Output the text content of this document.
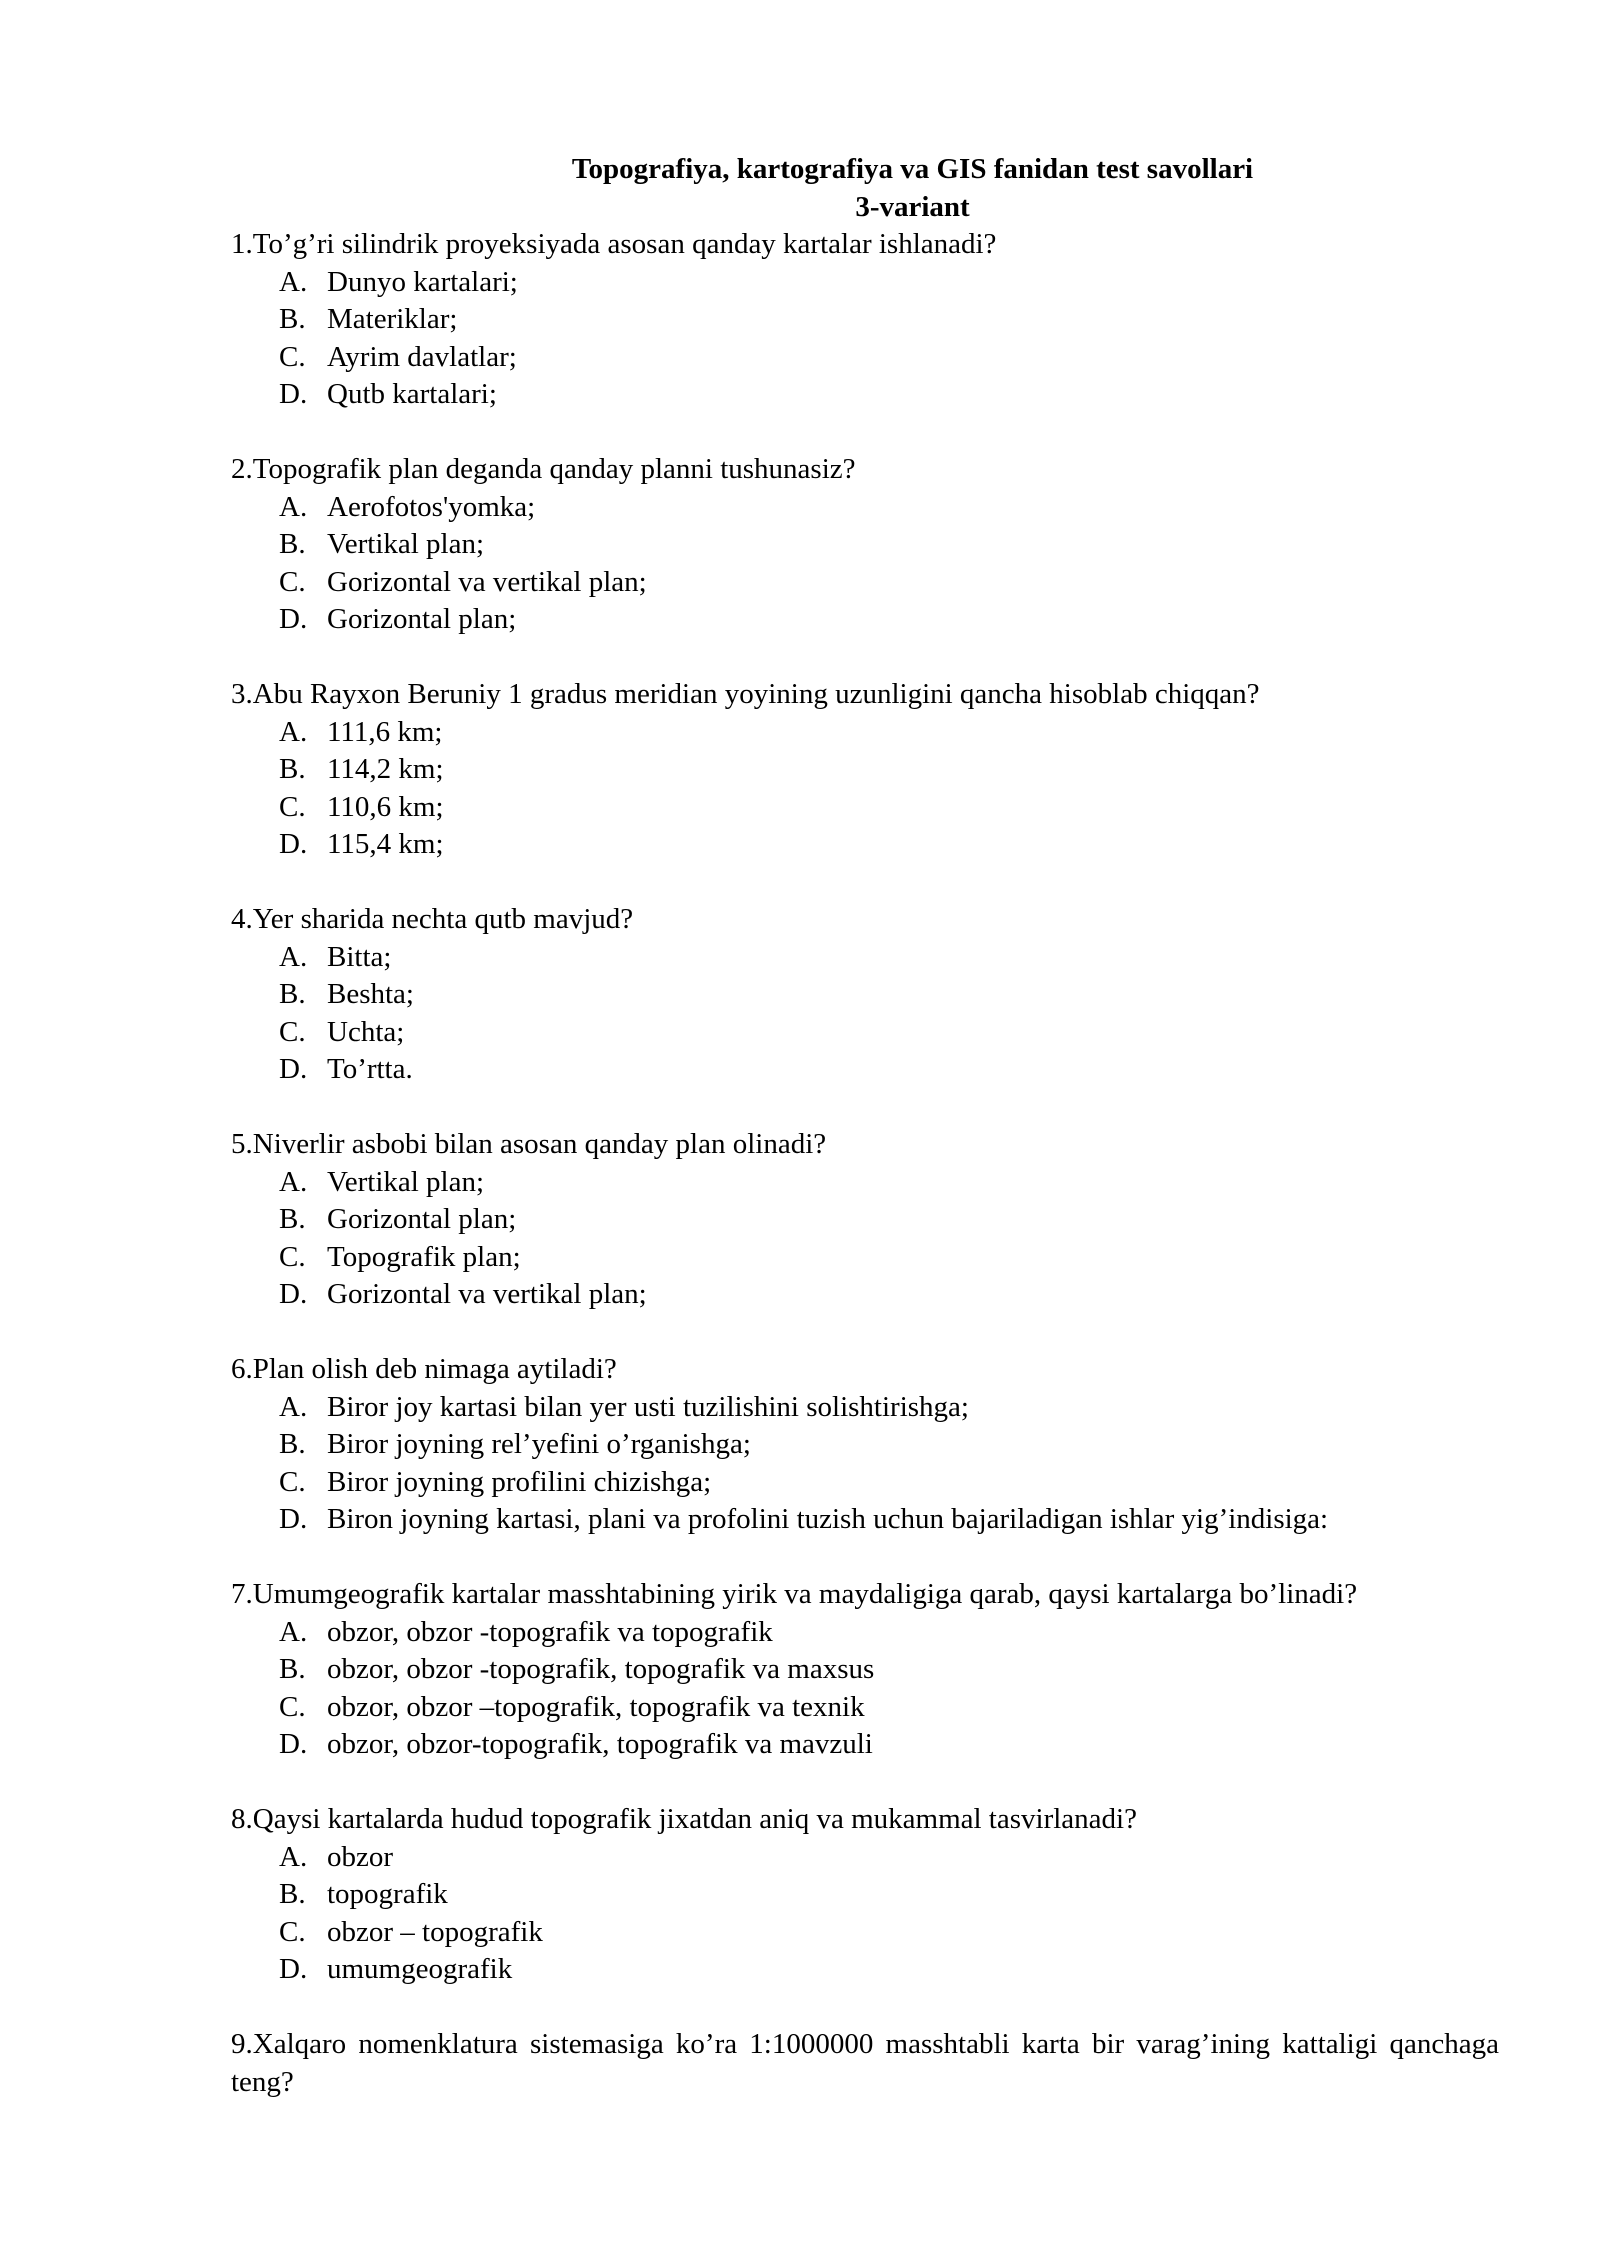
Topografiya, kartografiya va GIS fanidan test savollari
3-variant
1.To’g’ri silindrik proyeksiyada asosan qanday kartalar ishlanadi?
A. Dunyo kartalari;
B. Materiklar;
C. Ayrim davlatlar;
D. Qutb kartalari;
2.Topografik plan deganda qanday planni tushunasiz?
A. Aerofotos'yomka;
B. Vertikal plan;
C. Gorizontal va vertikal plan;
D. Gorizontal plan;
3.Abu Rayxon Beruniy 1 gradus meridian yoyining uzunligini qancha hisoblab chiqqan?
A. 111,6 km;
B. 114,2 km;
C. 110,6 km;
D. 115,4 km;
4.Yer sharida nechta qutb mavjud?
A. Bitta;
B. Beshta;
C. Uchta;
D. To’rtta.
5.Niverlir asbobi bilan asosan qanday plan olinadi?
A. Vertikal plan;
B. Gorizontal plan;
C. Topografik plan;
D. Gorizontal va vertikal plan;
6.Plan olish deb nimaga aytiladi?
A. Biror joy kartasi bilan yer usti tuzilishini solishtirishga;
B. Biror joyning rel’yefini o’rganishga;
C. Biror joyning profilini chizishga;
D. Biron joyning kartasi, plani va profolini tuzish uchun bajariladigan ishlar yig’indisiga:
7.Umumgeografik kartalar masshtabining yirik va maydaligiga qarab, qaysi kartalarga bo’linadi?
A. obzor, obzor -topografik va topografik
B. obzor, obzor -topografik, topografik va maxsus
C. obzor, obzor –topografik, topografik va texnik
D. obzor, obzor-topografik, topografik va mavzuli
8.Qaysi kartalarda hudud topografik jixatdan aniq va mukammal tasvirlanadi?
A. obzor
B. topografik
C. obzor – topografik
D. umumgeografik
9.Xalqaro nomenklatura sistemasiga ko’ra 1:1000000 masshtabli karta bir varag’ining kattaligi qanchaga teng?
